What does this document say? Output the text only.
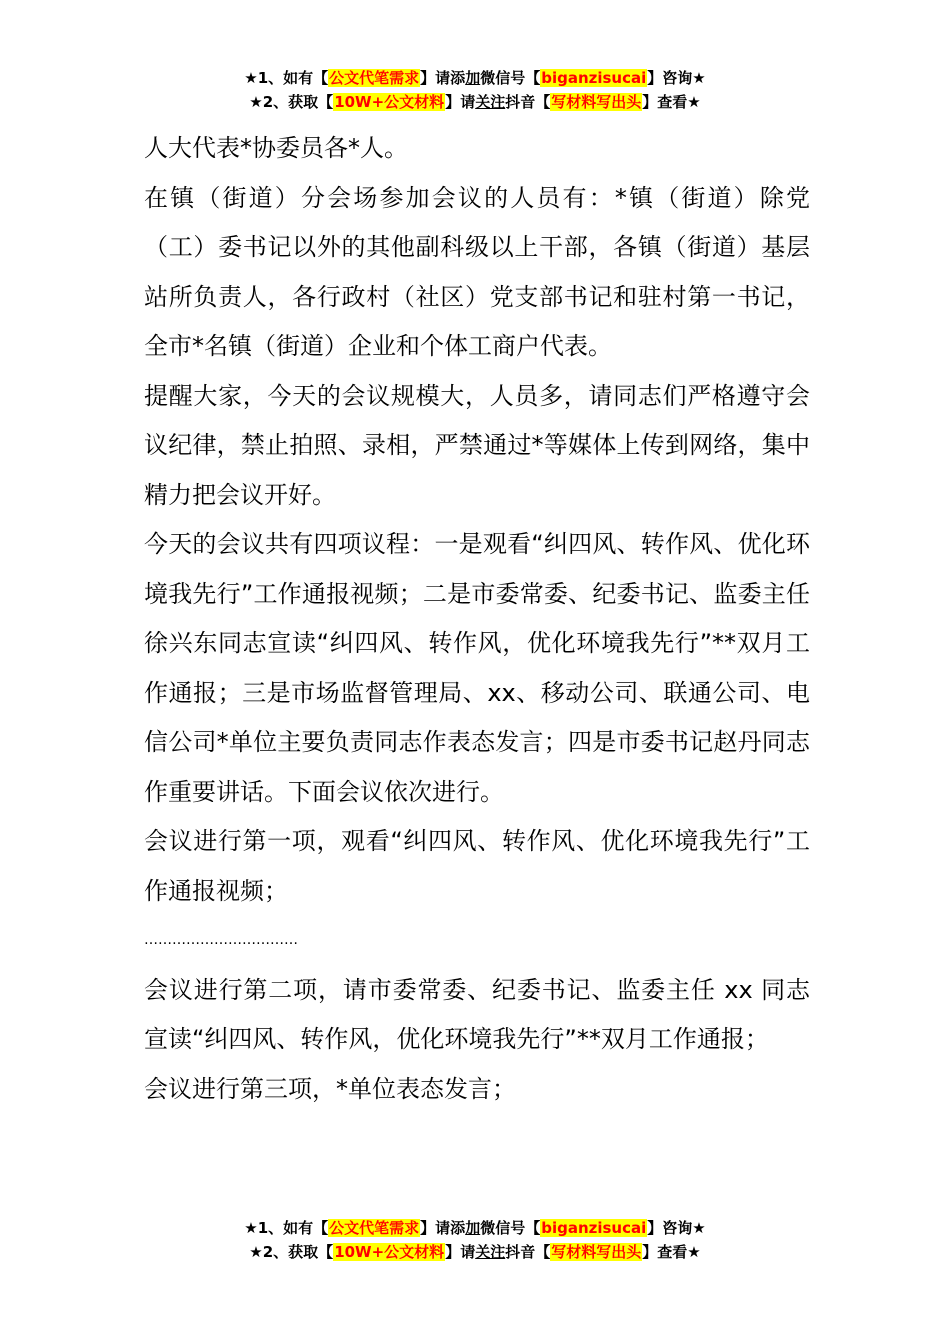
★1、如有【公文代笔需求】请添加微信号【biganzisucai】咨询★
★2、获取【10W+公文材料】请关注抖音【写材料写出头】查看★

人大代表*协委员各*人。

在镇（街道）分会场参加会议的人员有：*镇（街道）除党（工）委书记以外的其他副科级以上干部，各镇（街道）基层站所负责人，各行政村（社区）党支部书记和驻村第一书记，全市*名镇（街道）企业和个体工商户代表。

提醒大家，今天的会议规模大，人员多，请同志们严格遵守会议纪律，禁止拍照、录相，严禁通过*等媒体上传到网络，集中精力把会议开好。

今天的会议共有四项议程：一是观看“纠四风、转作风、优化环境我先行”工作通报视频；二是市委常委、纪委书记、监委主任徐兴东同志宣读“纠四风、转作风，优化环境我先行”**双月工作通报；三是市场监督管理局、xx、移动公司、联通公司、电信公司*单位主要负责同志作表态发言；四是市委书记赵丹同志作重要讲话。下面会议依次进行。

会议进行第一项，观看“纠四风、转作风、优化环境我先行”工作通报视频；

……………………………

会议进行第二项，请市委常委、纪委书记、监委主任 xx 同志宣读“纠四风、转作风，优化环境我先行”**双月工作通报；

会议进行第三项，*单位表态发言；

★1、如有【公文代笔需求】请添加微信号【biganzisucai】咨询★
★2、获取【10W+公文材料】请关注抖音【写材料写出头】查看★
